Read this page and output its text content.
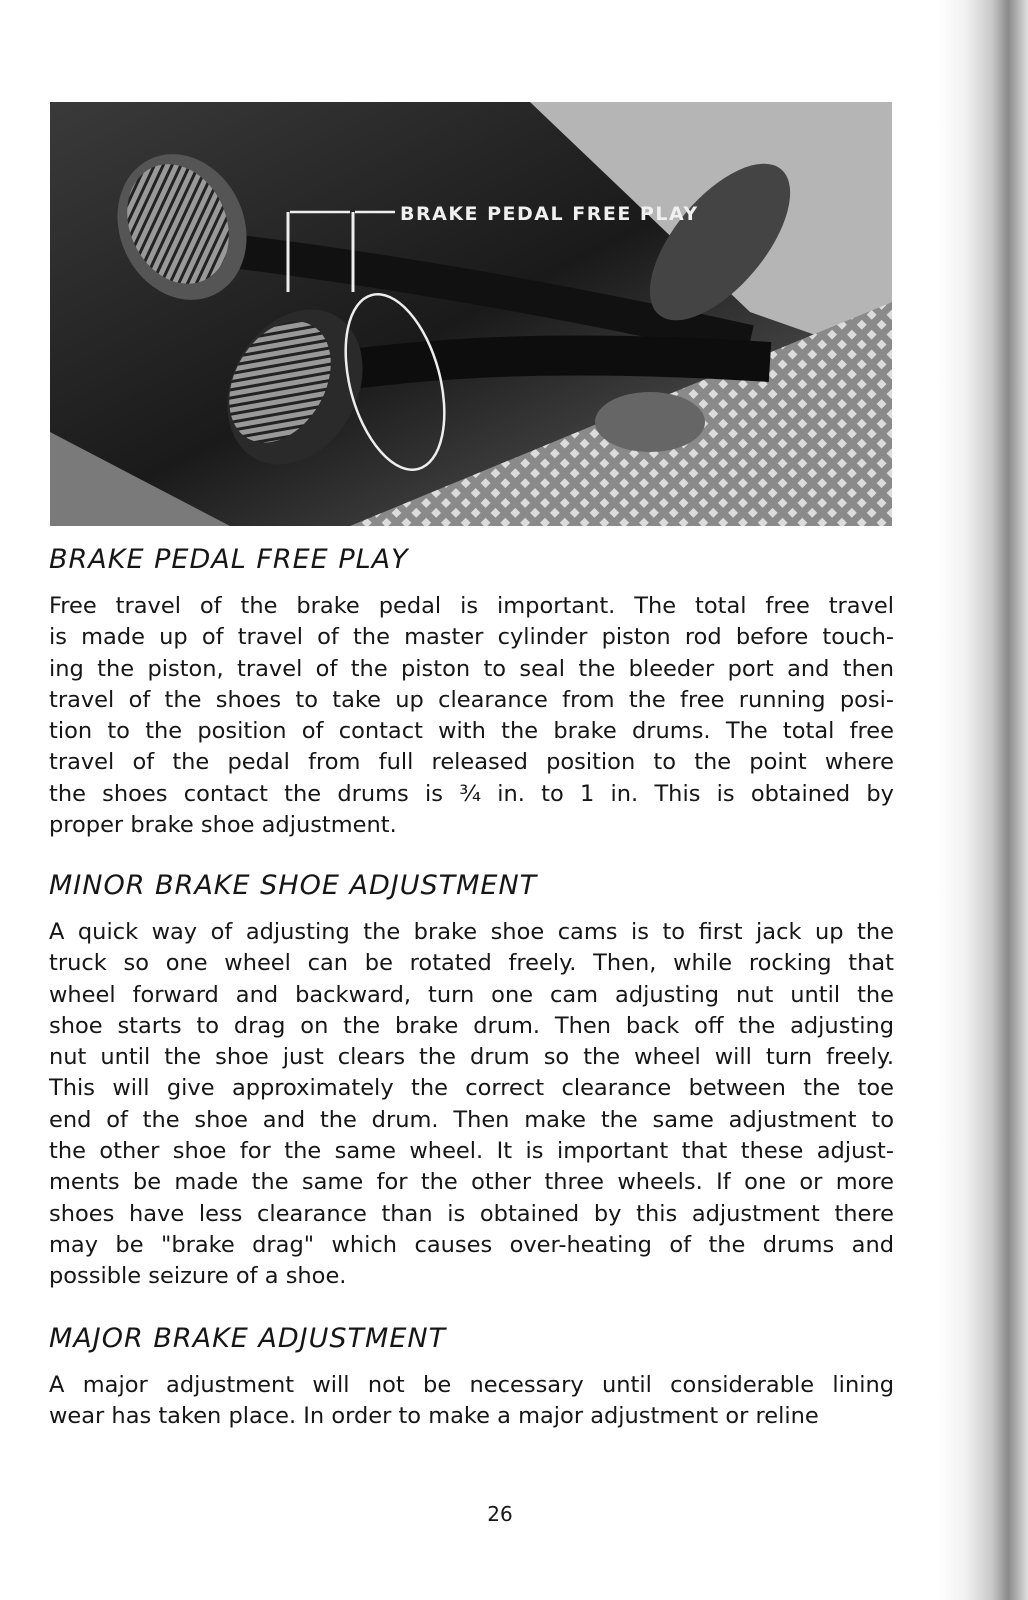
BRAKE PEDAL FREE PLAY
BRAKE PEDAL FREE PLAY
Free travel of the brake pedal is important. The total free travel
is made up of travel of the master cylinder piston rod before touch-
ing the piston, travel of the piston to seal the bleeder port and then
travel of the shoes to take up clearance from the free running posi-
tion to the position of contact with the brake drums. The total free
travel of the pedal from full released position to the point where
the shoes contact the drums is ¾ in. to 1 in. This is obtained by
proper brake shoe adjustment.
MINOR BRAKE SHOE ADJUSTMENT
A quick way of adjusting the brake shoe cams is to first jack up the
truck so one wheel can be rotated freely. Then, while rocking that
wheel forward and backward, turn one cam adjusting nut until the
shoe starts to drag on the brake drum. Then back off the adjusting
nut until the shoe just clears the drum so the wheel will turn freely.
This will give approximately the correct clearance between the toe
end of the shoe and the drum. Then make the same adjustment to
the other shoe for the same wheel. It is important that these adjust-
ments be made the same for the other three wheels. If one or more
shoes have less clearance than is obtained by this adjustment there
may be "brake drag" which causes over-heating of the drums and
possible seizure of a shoe.
MAJOR BRAKE ADJUSTMENT
A major adjustment will not be necessary until considerable lining
wear has taken place. In order to make a major adjustment or reline
26
